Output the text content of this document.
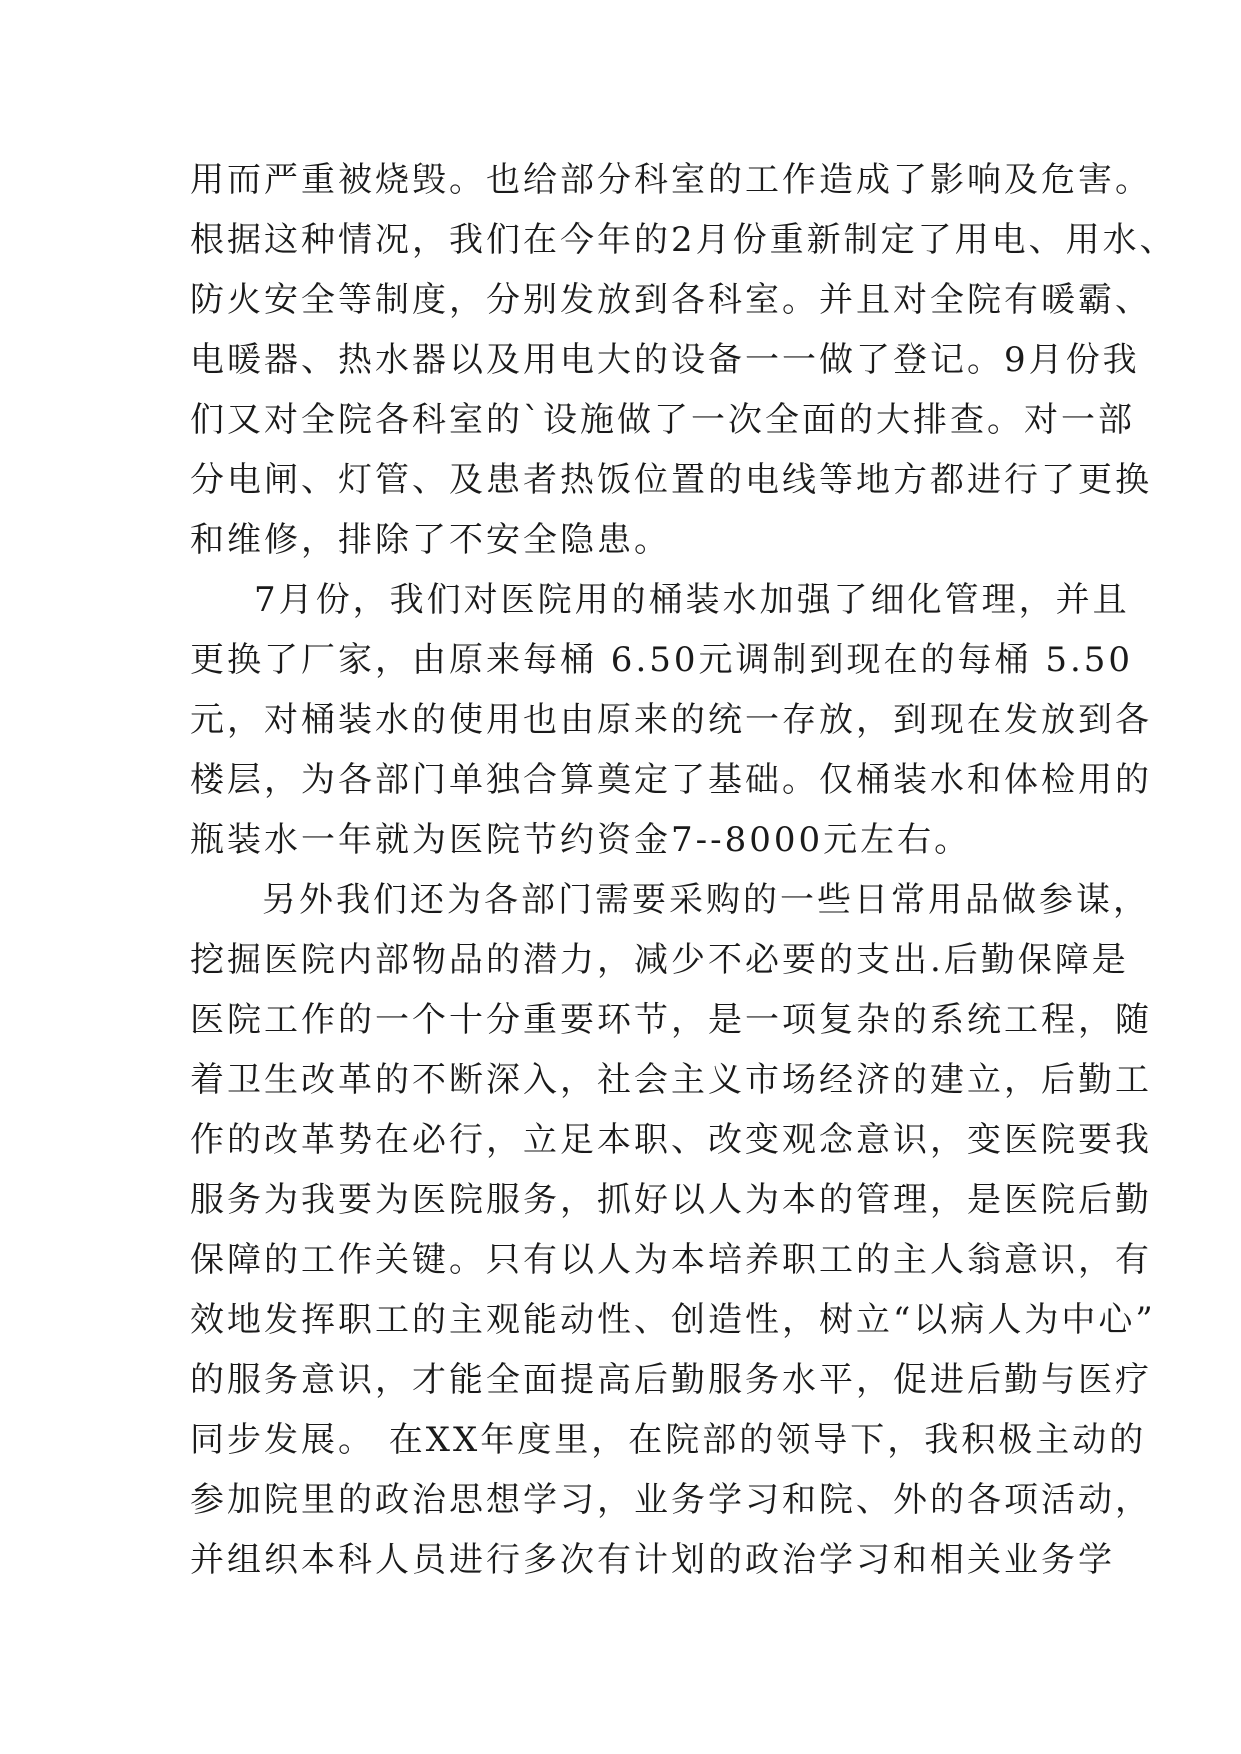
用而严重被烧毁。也给部分科室的工作造成了影响及危害。
根据这种情况，我们在今年的2月份重新制定了用电、用水、
防火安全等制度，分别发放到各科室。并且对全院有暖霸、
电暖器、热水器以及用电大的设备一一做了登记。9月份我
们又对全院各科室的`设施做了一次全面的大排查。对一部
分电闸、灯管、及患者热饭位置的电线等地方都进行了更换
和维修，排除了不安全隐患。
7月份，我们对医院用的桶装水加强了细化管理，并且
更换了厂家，由原来每桶 6.50元调制到现在的每桶 5.50
元，对桶装水的使用也由原来的统一存放，到现在发放到各
楼层，为各部门单独合算奠定了基础。仅桶装水和体检用的
瓶装水一年就为医院节约资金7--8000元左右。
另外我们还为各部门需要采购的一些日常用品做参谋，
挖掘医院内部物品的潜力，减少不必要的支出.后勤保障是
医院工作的一个十分重要环节，是一项复杂的系统工程，随
着卫生改革的不断深入，社会主义市场经济的建立，后勤工
作的改革势在必行，立足本职、改变观念意识，变医院要我
服务为我要为医院服务，抓好以人为本的管理，是医院后勤
保障的工作关键。只有以人为本培养职工的主人翁意识，有
效地发挥职工的主观能动性、创造性，树立“以病人为中心”
的服务意识，才能全面提高后勤服务水平，促进后勤与医疗
同步发展。 在XX年度里，在院部的领导下，我积极主动的
参加院里的政治思想学习，业务学习和院、外的各项活动，
并组织本科人员进行多次有计划的政治学习和相关业务学
